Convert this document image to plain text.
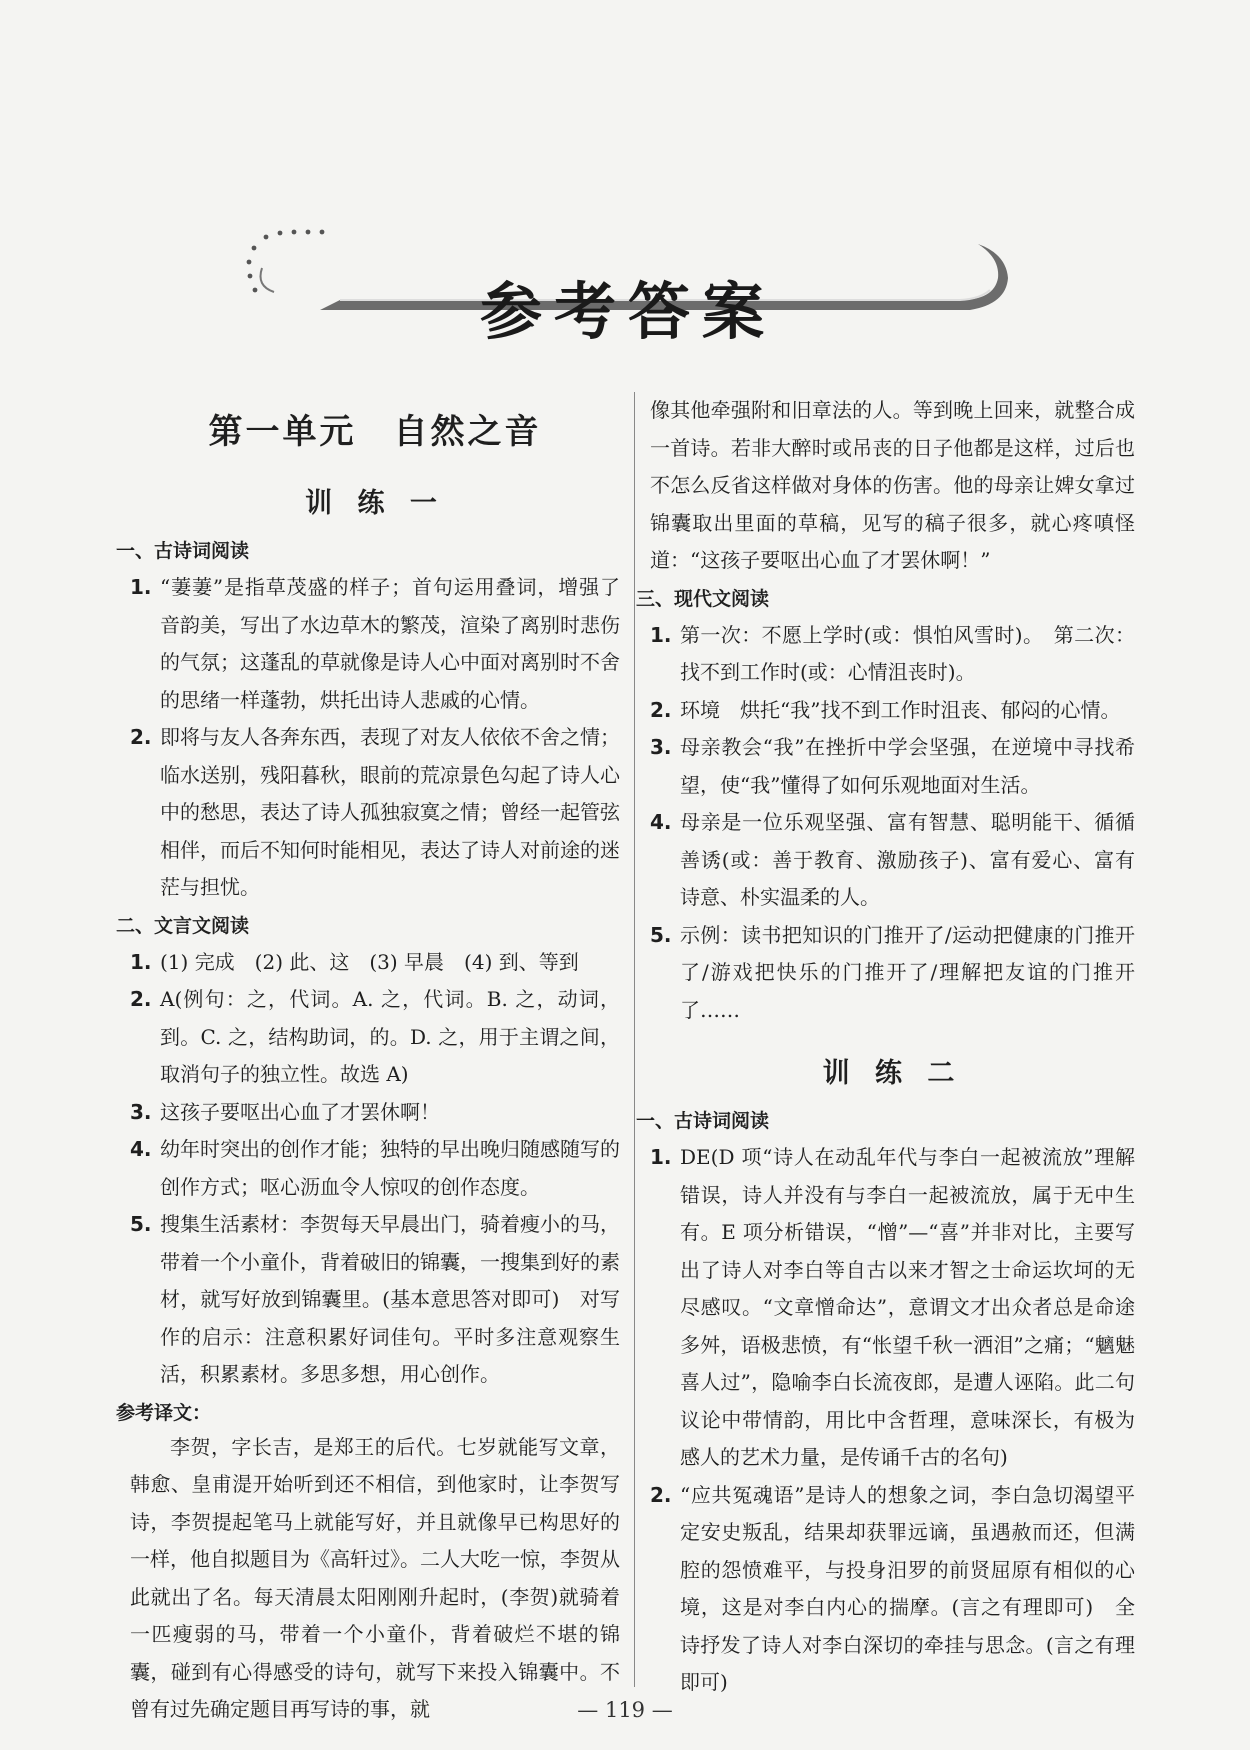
参考答案
第一单元　自然之音
训 练 一
一、古诗词阅读
1. “萋萋”是指草茂盛的样子；首句运用叠词，增强了音韵美，写出了水边草木的繁茂，渲染了离别时悲伤的气氛；这蓬乱的草就像是诗人心中面对离别时不舍的思绪一样蓬勃，烘托出诗人悲戚的心情。
2. 即将与友人各奔东西，表现了对友人依依不舍之情；临水送别，残阳暮秋，眼前的荒凉景色勾起了诗人心中的愁思，表达了诗人孤独寂寞之情；曾经一起管弦相伴，而后不知何时能相见，表达了诗人对前途的迷茫与担忧。
二、文言文阅读
1. (1) 完成　(2) 此、这　(3) 早晨　(4) 到、等到
2. A(例句：之，代词。A. 之，代词。B. 之，动词，到。C. 之，结构助词，的。D. 之，用于主谓之间，取消句子的独立性。故选 A)
3. 这孩子要呕出心血了才罢休啊！
4. 幼年时突出的创作才能；独特的早出晚归随感随写的创作方式；呕心沥血令人惊叹的创作态度。
5. 搜集生活素材：李贺每天早晨出门，骑着瘦小的马，带着一个小童仆，背着破旧的锦囊，一搜集到好的素材，就写好放到锦囊里。(基本意思答对即可)　对写作的启示：注意积累好词佳句。平时多注意观察生活，积累素材。多思多想，用心创作。
参考译文：

李贺，字长吉，是郑王的后代。七岁就能写文章，韩愈、皇甫湜开始听到还不相信，到他家时，让李贺写诗，李贺提起笔马上就能写好，并且就像早已构思好的一样，他自拟题目为《高轩过》。二人大吃一惊，李贺从此就出了名。每天清晨太阳刚刚升起时，(李贺)就骑着一匹瘦弱的马，带着一个小童仆，背着破烂不堪的锦囊，碰到有心得感受的诗句，就写下来投入锦囊中。不曾有过先确定题目再写诗的事，就

像其他牵强附和旧章法的人。等到晚上回来，就整合成一首诗。若非大醉时或吊丧的日子他都是这样，过后也不怎么反省这样做对身体的伤害。他的母亲让婢女拿过锦囊取出里面的草稿，见写的稿子很多，就心疼嗔怪道：“这孩子要呕出心血了才罢休啊！”

三、现代文阅读
1. 第一次：不愿上学时(或：惧怕风雪时)。　第二次：找不到工作时(或：心情沮丧时)。
2. 环境　烘托“我”找不到工作时沮丧、郁闷的心情。
3. 母亲教会“我”在挫折中学会坚强，在逆境中寻找希望，使“我”懂得了如何乐观地面对生活。
4. 母亲是一位乐观坚强、富有智慧、聪明能干、循循善诱(或：善于教育、激励孩子)、富有爱心、富有诗意、朴实温柔的人。
5. 示例：读书把知识的门推开了/运动把健康的门推开了/游戏把快乐的门推开了/理解把友谊的门推开了……
训 练 二
一、古诗词阅读
1. DE(D 项“诗人在动乱年代与李白一起被流放”理解错误，诗人并没有与李白一起被流放，属于无中生有。E 项分析错误，“憎”—“喜”并非对比，主要写出了诗人对李白等自古以来才智之士命运坎坷的无尽感叹。“文章憎命达”，意谓文才出众者总是命途多舛，语极悲愤，有“怅望千秋一洒泪”之痛；“魑魅喜人过”，隐喻李白长流夜郎，是遭人诬陷。此二句议论中带情韵，用比中含哲理，意味深长，有极为感人的艺术力量，是传诵千古的名句)
2. “应共冤魂语”是诗人的想象之词，李白急切渴望平定安史叛乱，结果却获罪远谪，虽遇赦而还，但满腔的怨愤难平，与投身汨罗的前贤屈原有相似的心境，这是对李白内心的揣摩。(言之有理即可)　全诗抒发了诗人对李白深切的牵挂与思念。(言之有理即可)
— 119 —
